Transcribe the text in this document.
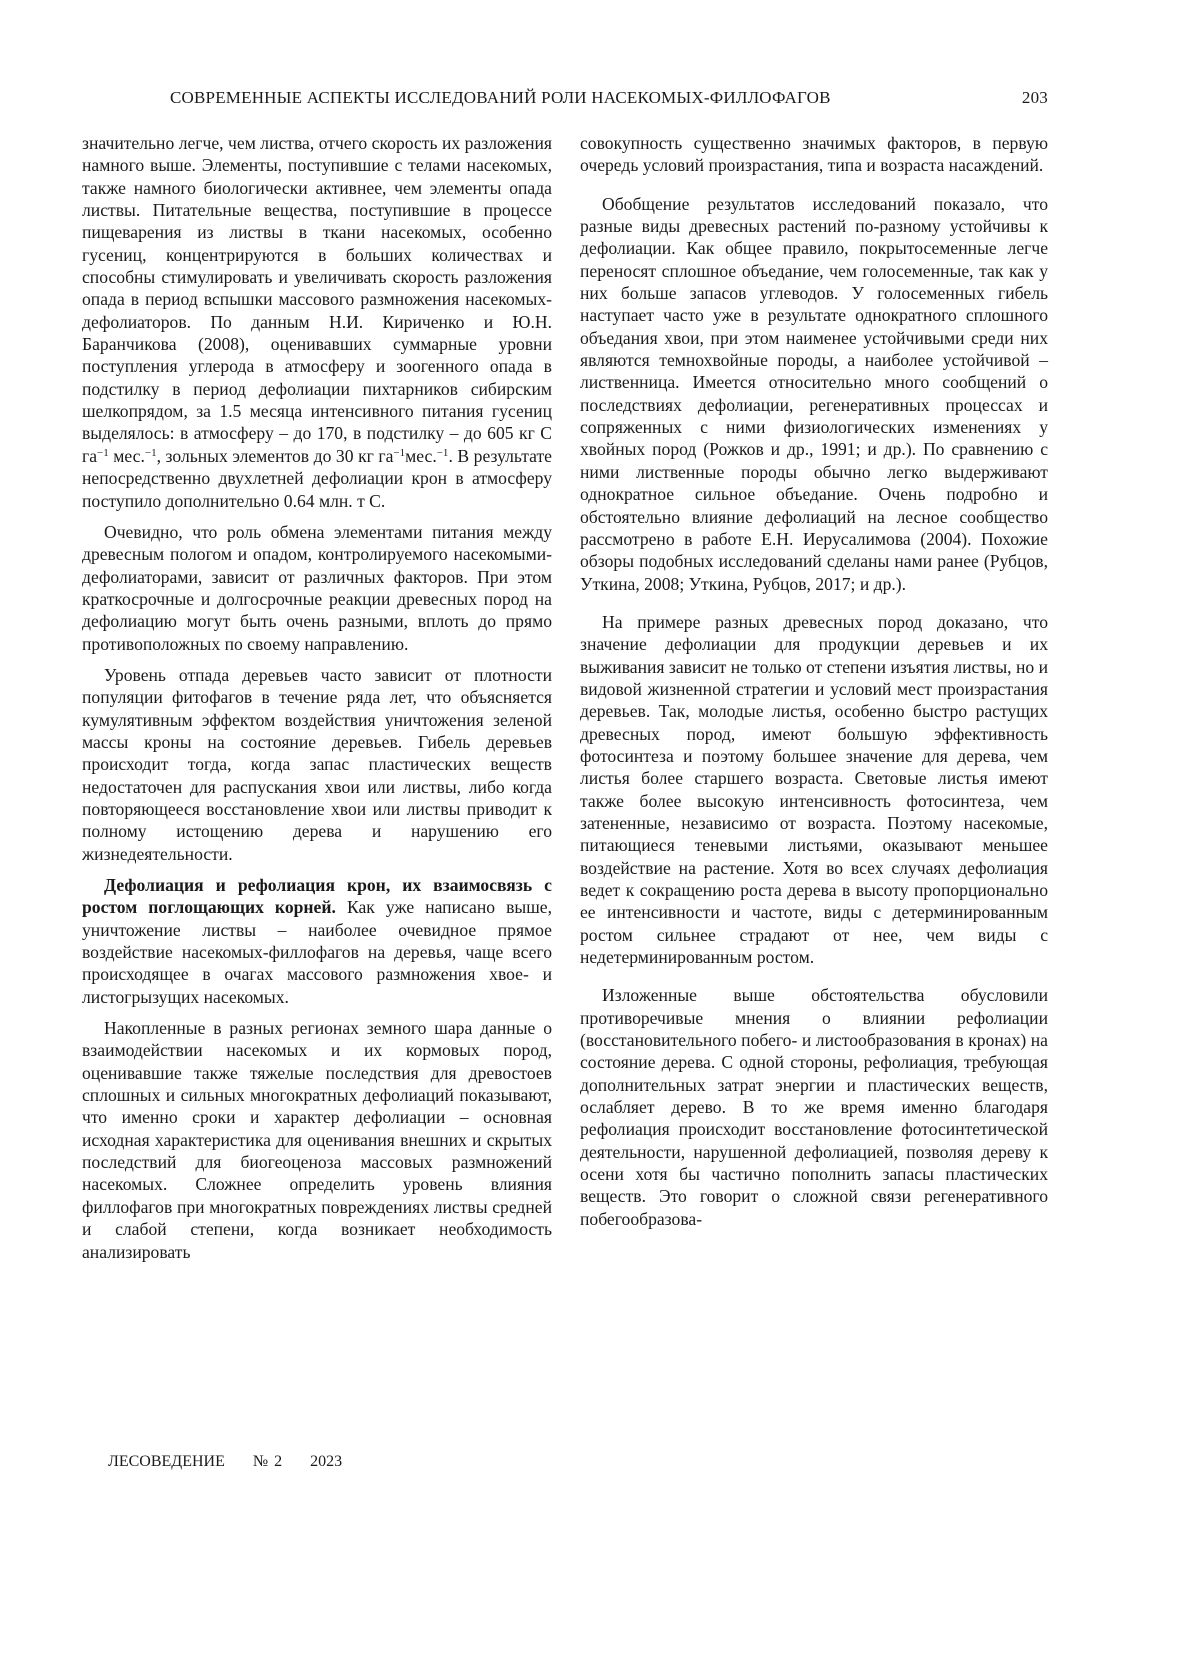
СОВРЕМЕННЫЕ АСПЕКТЫ ИССЛЕДОВАНИЙ РОЛИ НАСЕКОМЫХ-ФИЛЛОФАГОВ	203

значительно легче, чем листва, отчего скорость их разложения намного выше. Элементы, поступившие с телами насекомых, также намного биологически активнее, чем элементы опада листвы. Питательные вещества, поступившие в процессе пищеварения из листвы в ткани насекомых, особенно гусениц, концентрируются в больших количествах и способны стимулировать и увеличивать скорость разложения опада в период вспышки массового размножения насекомых-дефолиаторов. По данным Н.И. Кириченко и Ю.Н. Баранчикова (2008), оценивавших суммарные уровни поступления углерода в атмосферу и зоогенного опада в подстилку в период дефолиации пихтарников сибирским шелкопрядом, за 1.5 месяца интенсивного питания гусениц выделялось: в атмосферу – до 170, в подстилку – до 605 кг С га−1 мес.−1, зольных элементов до 30 кг га−1мес.−1. В результате непосредственно двухлетней дефолиации крон в атмосферу поступило дополнительно 0.64 млн. т С.

Очевидно, что роль обмена элементами питания между древесным пологом и опадом, контролируемого насекомыми-дефолиаторами, зависит от различных факторов. При этом краткосрочные и долгосрочные реакции древесных пород на дефолиацию могут быть очень разными, вплоть до прямо противоположных по своему направлению.

Уровень отпада деревьев часто зависит от плотности популяции фитофагов в течение ряда лет, что объясняется кумулятивным эффектом воздействия уничтожения зеленой массы кроны на состояние деревьев. Гибель деревьев происходит тогда, когда запас пластических веществ недостаточен для распускания хвои или листвы, либо когда повторяющееся восстановление хвои или листвы приводит к полному истощению дерева и нарушению его жизнедеятельности.

Дефолиация и рефолиация крон, их взаимосвязь с ростом поглощающих корней. Как уже написано выше, уничтожение листвы – наиболее очевидное прямое воздействие насекомых-филлофагов на деревья, чаще всего происходящее в очагах массового размножения хвое- и листогрызущих насекомых.

Накопленные в разных регионах земного шара данные о взаимодействии насекомых и их кормовых пород, оценивавшие также тяжелые последствия для древостоев сплошных и сильных многократных дефолиаций показывают, что именно сроки и характер дефолиации – основная исходная характеристика для оценивания внешних и скрытых последствий для биогеоценоза массовых размножений насекомых. Сложнее определить уровень влияния филлофагов при многократных повреждениях листвы средней и слабой степени, когда возникает необходимость анализировать

совокупность существенно значимых факторов, в первую очередь условий произрастания, типа и возраста насаждений.

Обобщение результатов исследований показало, что разные виды древесных растений по-разному устойчивы к дефолиации. Как общее правило, покрытосеменные легче переносят сплошное объедание, чем голосеменные, так как у них больше запасов углеводов. У голосеменных гибель наступает часто уже в результате однократного сплошного объедания хвои, при этом наименее устойчивыми среди них являются темнохвойные породы, а наиболее устойчивой – лиственница. Имеется относительно много сообщений о последствиях дефолиации, регенеративных процессах и сопряженных с ними физиологических изменениях у хвойных пород (Рожков и др., 1991; и др.). По сравнению с ними лиственные породы обычно легко выдерживают однократное сильное объедание. Очень подробно и обстоятельно влияние дефолиаций на лесное сообщество рассмотрено в работе Е.Н. Иерусалимова (2004). Похожие обзоры подобных исследований сделаны нами ранее (Рубцов, Уткина, 2008; Уткина, Рубцов, 2017; и др.).

На примере разных древесных пород доказано, что значение дефолиации для продукции деревьев и их выживания зависит не только от степени изъятия листвы, но и видовой жизненной стратегии и условий мест произрастания деревьев. Так, молодые листья, особенно быстро растущих древесных пород, имеют большую эффективность фотосинтеза и поэтому большее значение для дерева, чем листья более старшего возраста. Световые листья имеют также более высокую интенсивность фотосинтеза, чем затененные, независимо от возраста. Поэтому насекомые, питающиеся теневыми листьями, оказывают меньшее воздействие на растение. Хотя во всех случаях дефолиация ведет к сокращению роста дерева в высоту пропорционально ее интенсивности и частоте, виды с детерминированным ростом сильнее страдают от нее, чем виды с недетерминированным ростом.

Изложенные выше обстоятельства обусловили противоречивые мнения о влиянии рефолиации (восстановительного побего- и листообразования в кронах) на состояние дерева. С одной стороны, рефолиация, требующая дополнительных затрат энергии и пластических веществ, ослабляет дерево. В то же время именно благодаря рефолиация происходит восстановление фотосинтетической деятельности, нарушенной дефолиацией, позволяя дереву к осени хотя бы частично пополнить запасы пластических веществ. Это говорит о сложной связи регенеративного побегообразова-

ЛЕСОВЕДЕНИЕ № 2 2023
